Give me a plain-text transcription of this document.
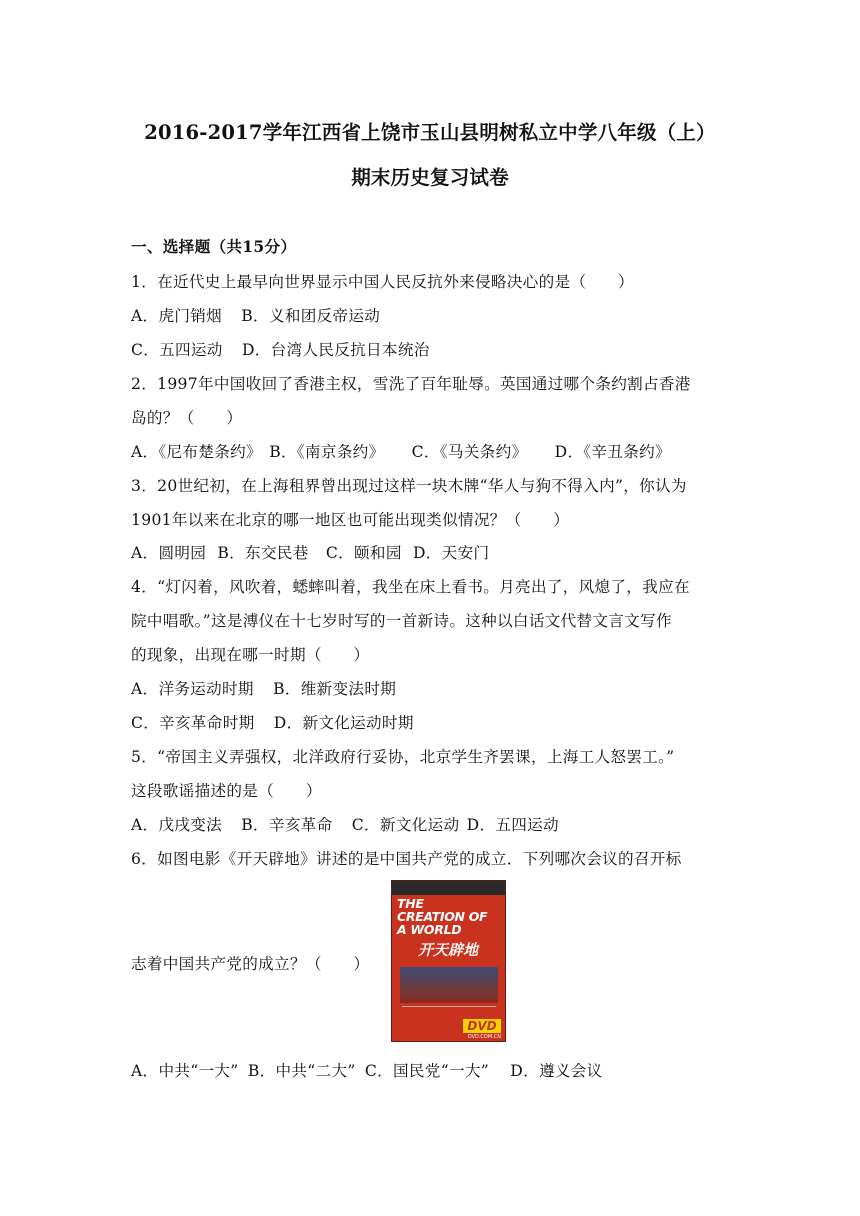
2016-2017学年江西省上饶市玉山县明树私立中学八年级（上）
期末历史复习试卷
一、选择题（共15分）
1．在近代史上最早向世界显示中国人民反抗外来侵略决心的是（　　）
A．虎门销烟 B．义和团反帝运动
C．五四运动 D．台湾人民反抗日本统治
2．1997年中国收回了香港主权，雪洗了百年耻辱。英国通过哪个条约割占香港
岛的？（　　）
A．《尼布楚条约》 B．《南京条约》 C．《马关条约》 D．《辛丑条约》
3．20世纪初，在上海租界曾出现过这样一块木牌“华人与狗不得入内”，你认为
1901年以来在北京的哪一地区也可能出现类似情况？（　　）
A．圆明园 B．东交民巷 C．颐和园 D．天安门
4．“灯闪着，风吹着，蟋蟀叫着，我坐在床上看书。月亮出了，风熄了，我应在
院中唱歌。”这是溥仪在十七岁时写的一首新诗。这种以白话文代替文言文写作
的现象，出现在哪一时期（　　）
A．洋务运动时期 B．维新变法时期
C．辛亥革命时期 D．新文化运动时期
5．“帝国主义弄强权，北洋政府行妥协，北京学生齐罢课，上海工人怒罢工。”
这段歌谣描述的是（　　）
A．戊戌变法 B．辛亥革命 C．新文化运动 D．五四运动
6．如图电影《开天辟地》讲述的是中国共产党的成立．下列哪次会议的召开标
志着中国共产党的成立？（　　）
THE
CREATION OF
A WORLD
开天辟地
DVD
DVD.COM.CN
A．中共“一大” B．中共“二大” C．国民党“一大” D．遵义会议
